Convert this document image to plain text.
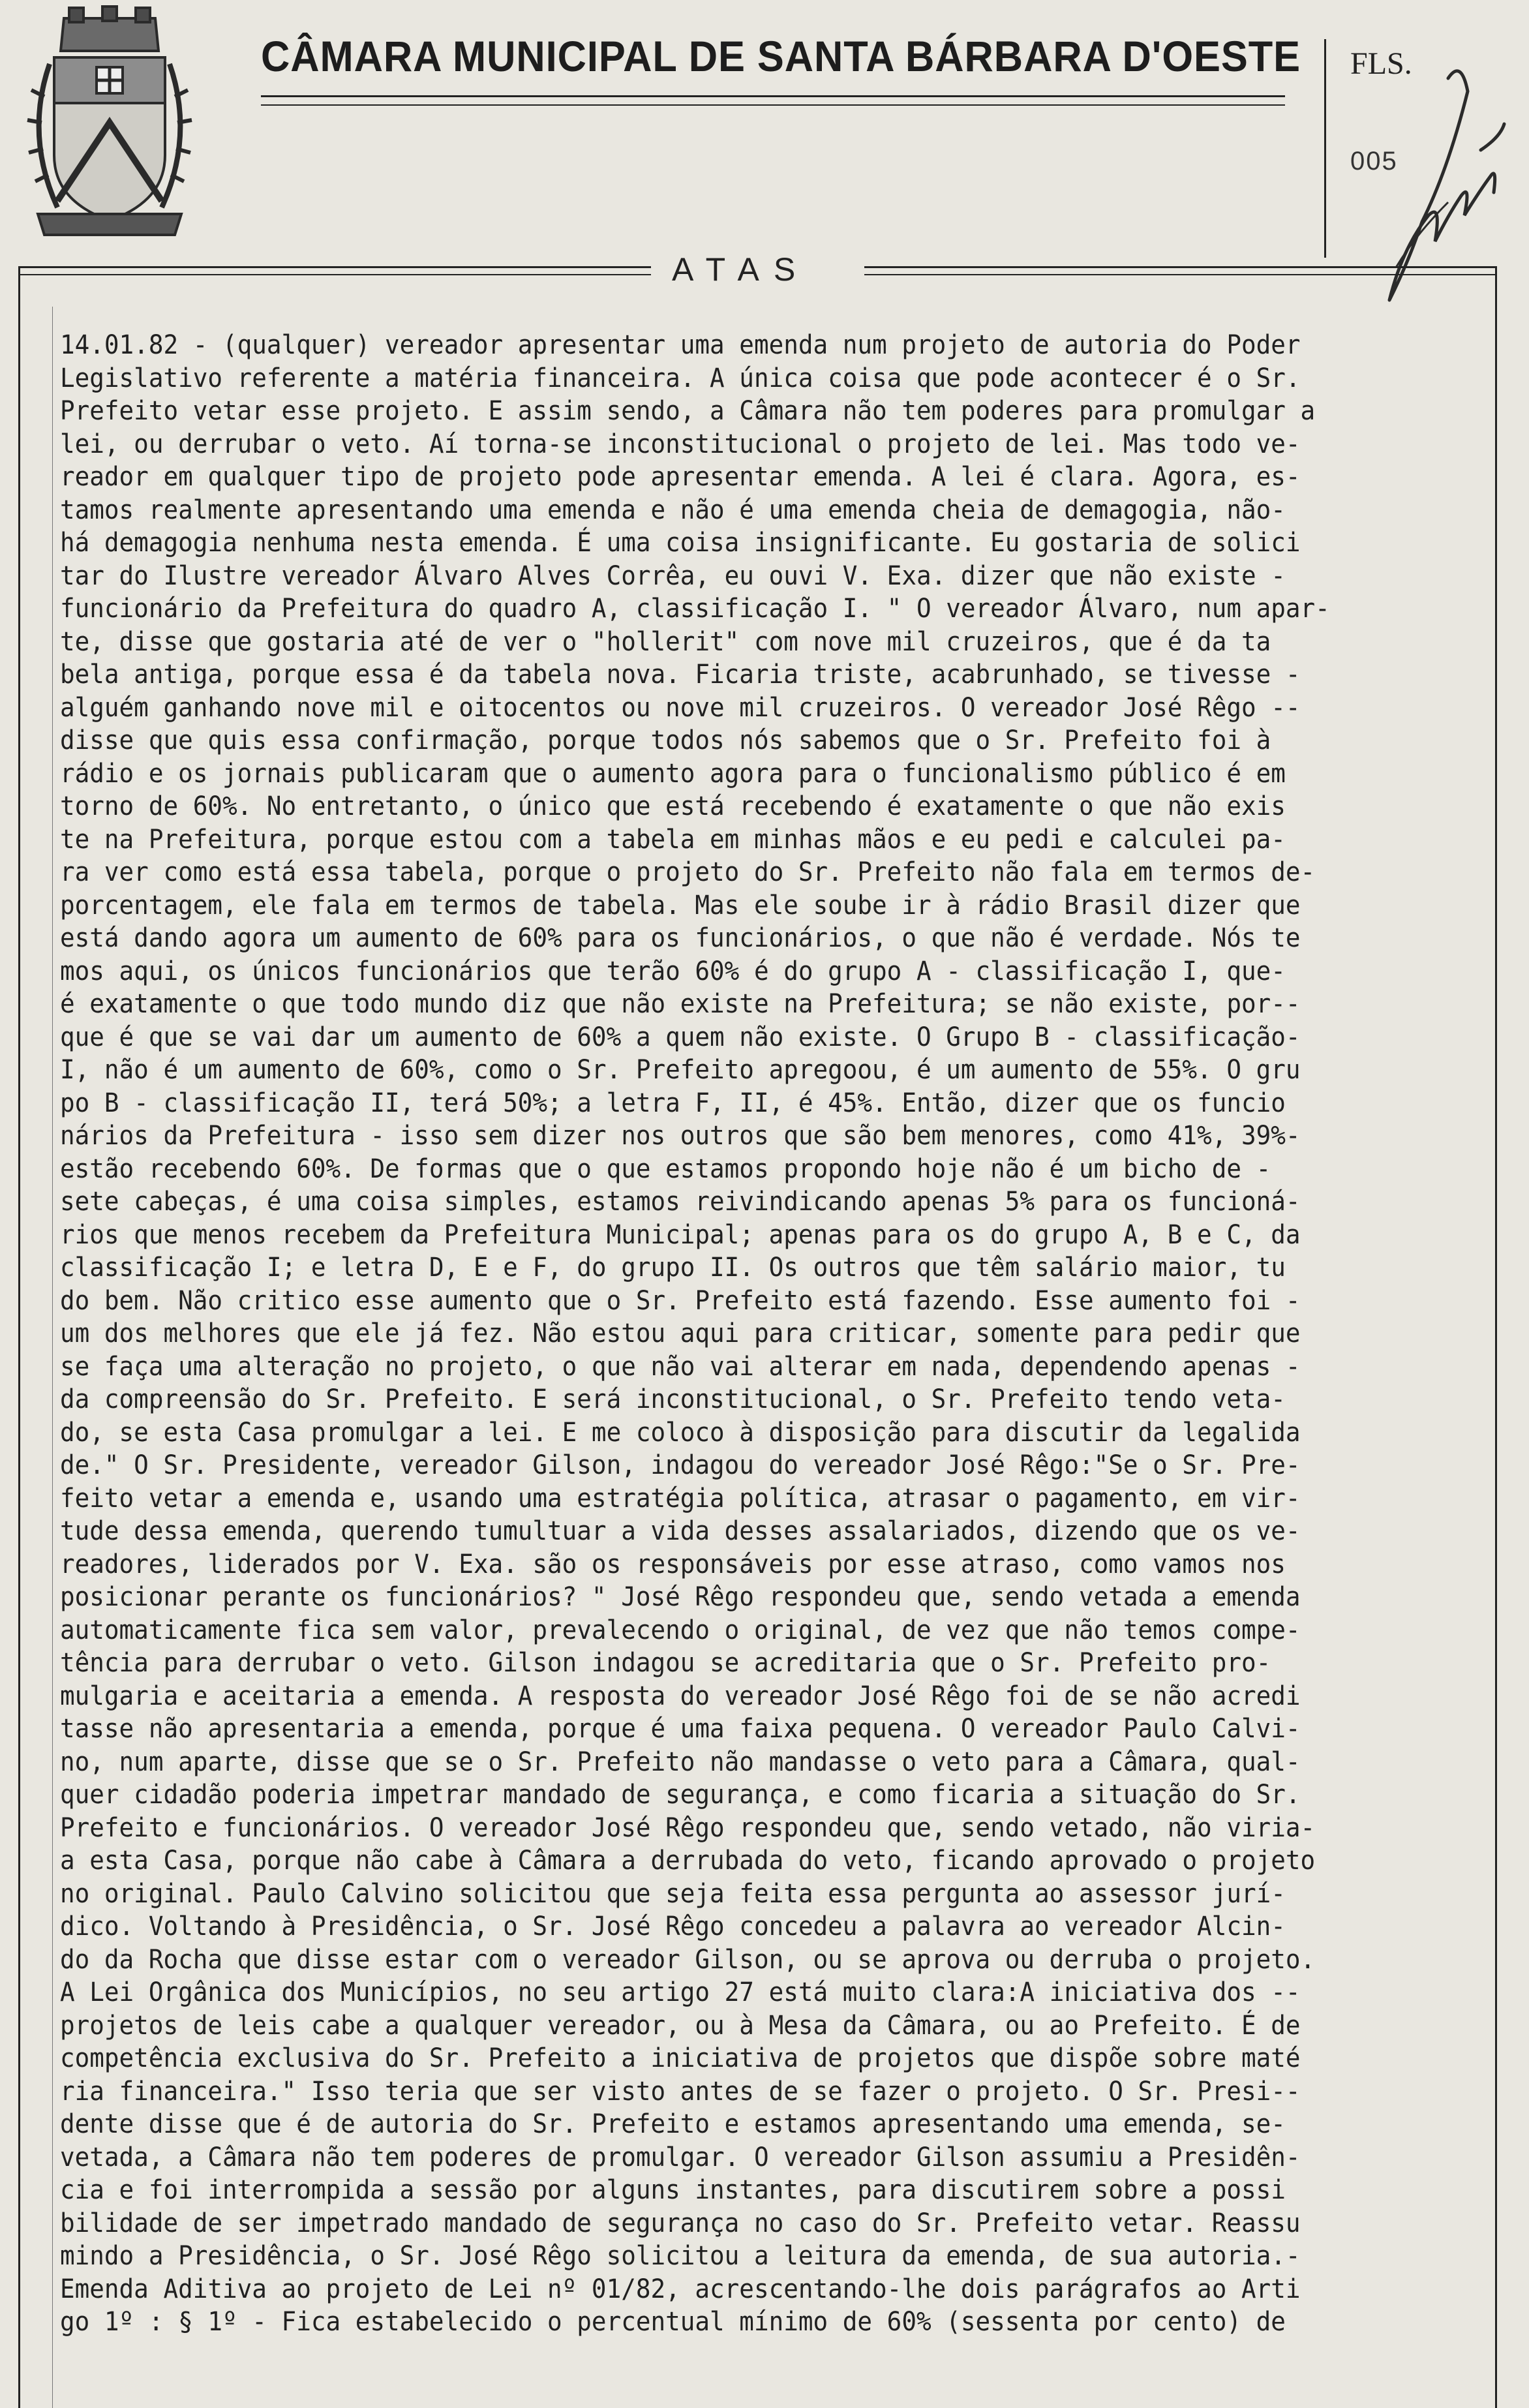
CÂMARA MUNICIPAL DE SANTA BÁRBARA D'OESTE FLS.
005
ATAS
14.01.82 - (qualquer) vereador apresentar uma emenda num projeto de autoria do Poder
Legislativo referente a matéria financeira. A única coisa que pode acontecer é o Sr.
Prefeito vetar esse projeto. E assim sendo, a Câmara não tem poderes para promulgar a
lei, ou derrubar o veto. Aí torna-se inconstitucional o projeto de lei. Mas todo ve-
reador em qualquer tipo de projeto pode apresentar emenda. A lei é clara. Agora, es-
tamos realmente apresentando uma emenda e não é uma emenda cheia de demagogia, não-
há demagogia nenhuma nesta emenda. É uma coisa insignificante. Eu gostaria de solici
tar do Ilustre vereador Álvaro Alves Corrêa, eu ouvi V. Exa. dizer que não existe -
funcionário da Prefeitura do quadro A, classificação I. " O vereador Álvaro, num apar-
te, disse que gostaria até de ver o "hollerit" com nove mil cruzeiros, que é da ta
bela antiga, porque essa é da tabela nova. Ficaria triste, acabrunhado, se tivesse -
alguém ganhando nove mil e oitocentos ou nove mil cruzeiros. O vereador José Rêgo --
disse que quis essa confirmação, porque todos nós sabemos que o Sr. Prefeito foi à
rádio e os jornais publicaram que o aumento agora para o funcionalismo público é em
torno de 60%. No entretanto, o único que está recebendo é exatamente o que não exis
te na Prefeitura, porque estou com a tabela em minhas mãos e eu pedi e calculei pa-
ra ver como está essa tabela, porque o projeto do Sr. Prefeito não fala em termos de-
porcentagem, ele fala em termos de tabela. Mas ele soube ir à rádio Brasil dizer que
está dando agora um aumento de 60% para os funcionários, o que não é verdade. Nós te
mos aqui, os únicos funcionários que terão 60% é do grupo A - classificação I, que-
é exatamente o que todo mundo diz que não existe na Prefeitura; se não existe, por--
que é que se vai dar um aumento de 60% a quem não existe. O Grupo B - classificação-
I, não é um aumento de 60%, como o Sr. Prefeito apregoou, é um aumento de 55%. O gru
po B - classificação II, terá 50%; a letra F, II, é 45%. Então, dizer que os funcio
nários da Prefeitura - isso sem dizer nos outros que são bem menores, como 41%, 39%-
estão recebendo 60%. De formas que o que estamos propondo hoje não é um bicho de -
sete cabeças, é uma coisa simples, estamos reivindicando apenas 5% para os funcioná-
rios que menos recebem da Prefeitura Municipal; apenas para os do grupo A, B e C, da
classificação I; e letra D, E e F, do grupo II. Os outros que têm salário maior, tu
do bem. Não critico esse aumento que o Sr. Prefeito está fazendo. Esse aumento foi -
um dos melhores que ele já fez. Não estou aqui para criticar, somente para pedir que
se faça uma alteração no projeto, o que não vai alterar em nada, dependendo apenas -
da compreensão do Sr. Prefeito. E será inconstitucional, o Sr. Prefeito tendo veta-
do, se esta Casa promulgar a lei. E me coloco à disposição para discutir da legalida
de." O Sr. Presidente, vereador Gilson, indagou do vereador José Rêgo:"Se o Sr. Pre-
feito vetar a emenda e, usando uma estratégia política, atrasar o pagamento, em vir-
tude dessa emenda, querendo tumultuar a vida desses assalariados, dizendo que os ve-
readores, liderados por V. Exa. são os responsáveis por esse atraso, como vamos nos
posicionar perante os funcionários? " José Rêgo respondeu que, sendo vetada a emenda
automaticamente fica sem valor, prevalecendo o original, de vez que não temos compe-
tência para derrubar o veto. Gilson indagou se acreditaria que o Sr. Prefeito pro-
mulgaria e aceitaria a emenda. A resposta do vereador José Rêgo foi de se não acredi
tasse não apresentaria a emenda, porque é uma faixa pequena. O vereador Paulo Calvi-
no, num aparte, disse que se o Sr. Prefeito não mandasse o veto para a Câmara, qual-
quer cidadão poderia impetrar mandado de segurança, e como ficaria a situação do Sr.
Prefeito e funcionários. O vereador José Rêgo respondeu que, sendo vetado, não viria-
a esta Casa, porque não cabe à Câmara a derrubada do veto, ficando aprovado o projeto
no original. Paulo Calvino solicitou que seja feita essa pergunta ao assessor jurí-
dico. Voltando à Presidência, o Sr. José Rêgo concedeu a palavra ao vereador Alcin-
do da Rocha que disse estar com o vereador Gilson, ou se aprova ou derruba o projeto.
A Lei Orgânica dos Municípios, no seu artigo 27 está muito clara:A iniciativa dos --
projetos de leis cabe a qualquer vereador, ou à Mesa da Câmara, ou ao Prefeito. É de
competência exclusiva do Sr. Prefeito a iniciativa de projetos que dispõe sobre maté
ria financeira." Isso teria que ser visto antes de se fazer o projeto. O Sr. Presi--
dente disse que é de autoria do Sr. Prefeito e estamos apresentando uma emenda, se-
vetada, a Câmara não tem poderes de promulgar. O vereador Gilson assumiu a Presidên-
cia e foi interrompida a sessão por alguns instantes, para discutirem sobre a possi
bilidade de ser impetrado mandado de segurança no caso do Sr. Prefeito vetar. Reassu
mindo a Presidência, o Sr. José Rêgo solicitou a leitura da emenda, de sua autoria.-
Emenda Aditiva ao projeto de Lei nº 01/82, acrescentando-lhe dois parágrafos ao Arti
go 1º : § 1º - Fica estabelecido o percentual mínimo de 60% (sessenta por cento) de
